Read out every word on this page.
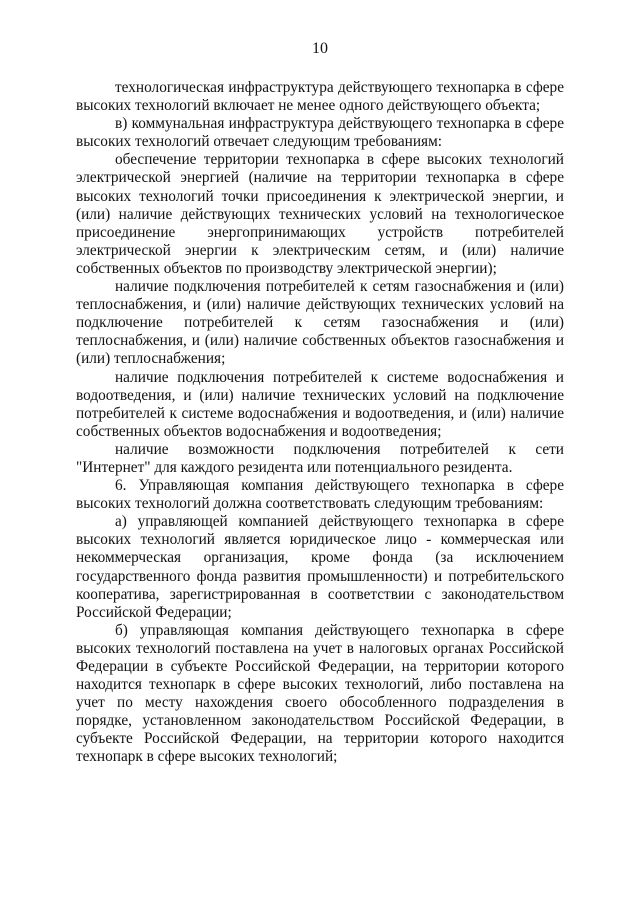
10

технологическая инфраструктура действующего технопарка в сфере высоких технологий включает не менее одного действующего объекта;

в) коммунальная инфраструктура действующего технопарка в сфере высоких технологий отвечает следующим требованиям:

обеспечение территории технопарка в сфере высоких технологий электрической энергией (наличие на территории технопарка в сфере высоких технологий точки присоединения к электрической энергии, и (или) наличие действующих технических условий на технологическое присоединение энергопринимающих устройств потребителей электрической энергии к электрическим сетям, и (или) наличие собственных объектов по производству электрической энергии);

наличие подключения потребителей к сетям газоснабжения и (или) теплоснабжения, и (или) наличие действующих технических условий на подключение потребителей к сетям газоснабжения и (или) теплоснабжения, и (или) наличие собственных объектов газоснабжения и (или) теплоснабжения;

наличие подключения потребителей к системе водоснабжения и водоотведения, и (или) наличие технических условий на подключение потребителей к системе водоснабжения и водоотведения, и (или) наличие собственных объектов водоснабжения и водоотведения;

наличие возможности подключения потребителей к сети "Интернет" для каждого резидента или потенциального резидента.

6. Управляющая компания действующего технопарка в сфере высоких технологий должна соответствовать следующим требованиям:

а) управляющей компанией действующего технопарка в сфере высоких технологий является юридическое лицо - коммерческая или некоммерческая организация, кроме фонда (за исключением государственного фонда развития промышленности) и потребительского кооператива, зарегистрированная в соответствии с законодательством Российской Федерации;

б) управляющая компания действующего технопарка в сфере высоких технологий поставлена на учет в налоговых органах Российской Федерации в субъекте Российской Федерации, на территории которого находится технопарк в сфере высоких технологий, либо поставлена на учет по месту нахождения своего обособленного подразделения в порядке, установленном законодательством Российской Федерации, в субъекте Российской Федерации, на территории которого находится технопарк в сфере высоких технологий;
